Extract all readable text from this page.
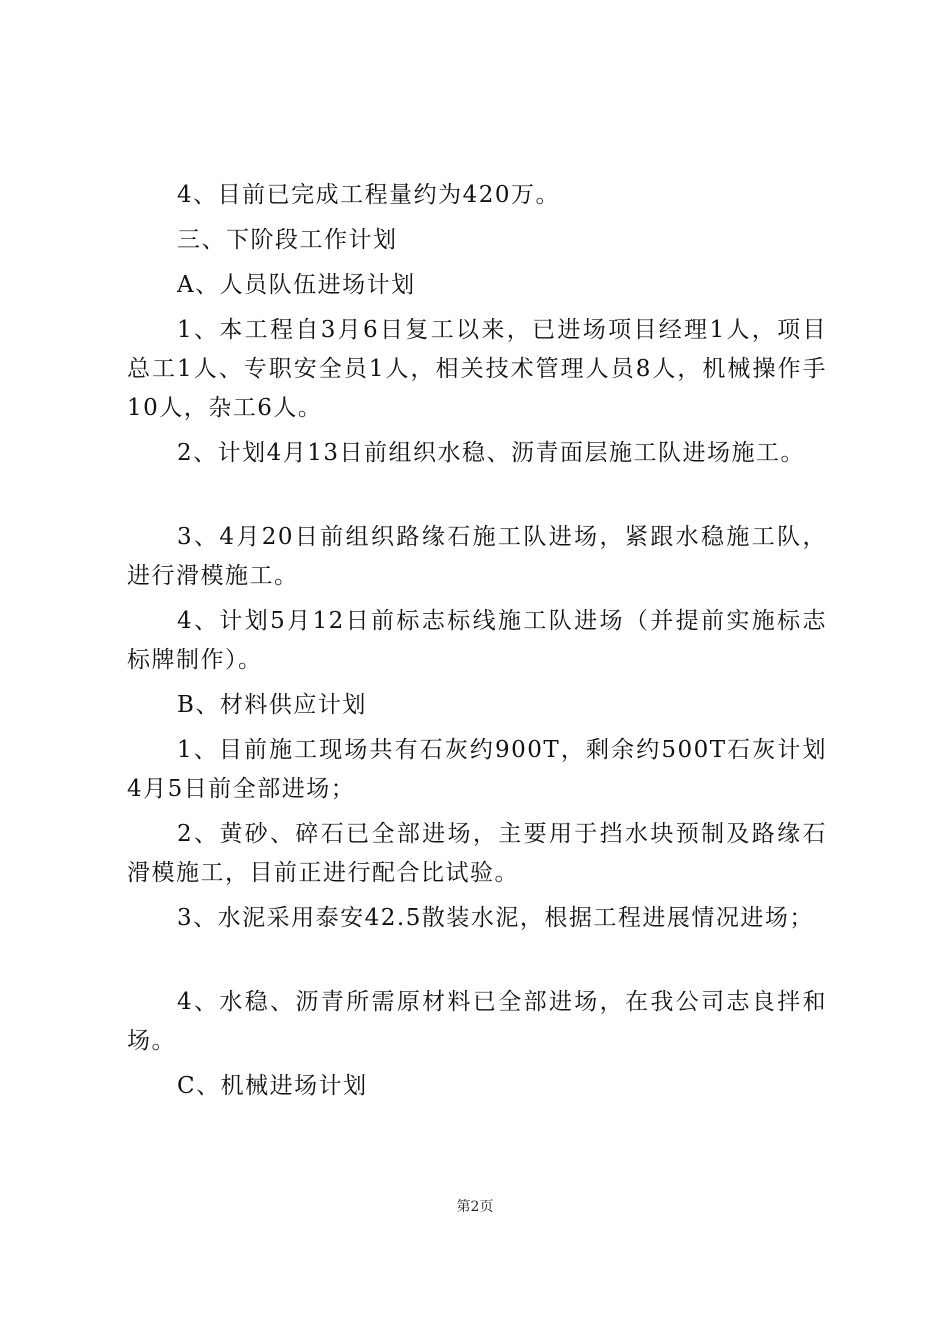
4、目前已完成工程量约为420万。

三、下阶段工作计划

A、人员队伍进场计划

1、本工程自3月6日复工以来，已进场项目经理1人，项目总工1人、专职安全员1人，相关技术管理人员8人，机械操作手10人，杂工6人。

2、计划4月13日前组织水稳、沥青面层施工队进场施工。

3、4月20日前组织路缘石施工队进场，紧跟水稳施工队，进行滑模施工。

4、计划5月12日前标志标线施工队进场（并提前实施标志标牌制作）。

B、材料供应计划

1、目前施工现场共有石灰约900T，剩余约500T石灰计划4月5日前全部进场；

2、黄砂、碎石已全部进场，主要用于挡水块预制及路缘石滑模施工，目前正进行配合比试验。

3、水泥采用泰安42.5散装水泥，根据工程进展情况进场；

4、水稳、沥青所需原材料已全部进场，在我公司志良拌和场。

C、机械进场计划

第2页
